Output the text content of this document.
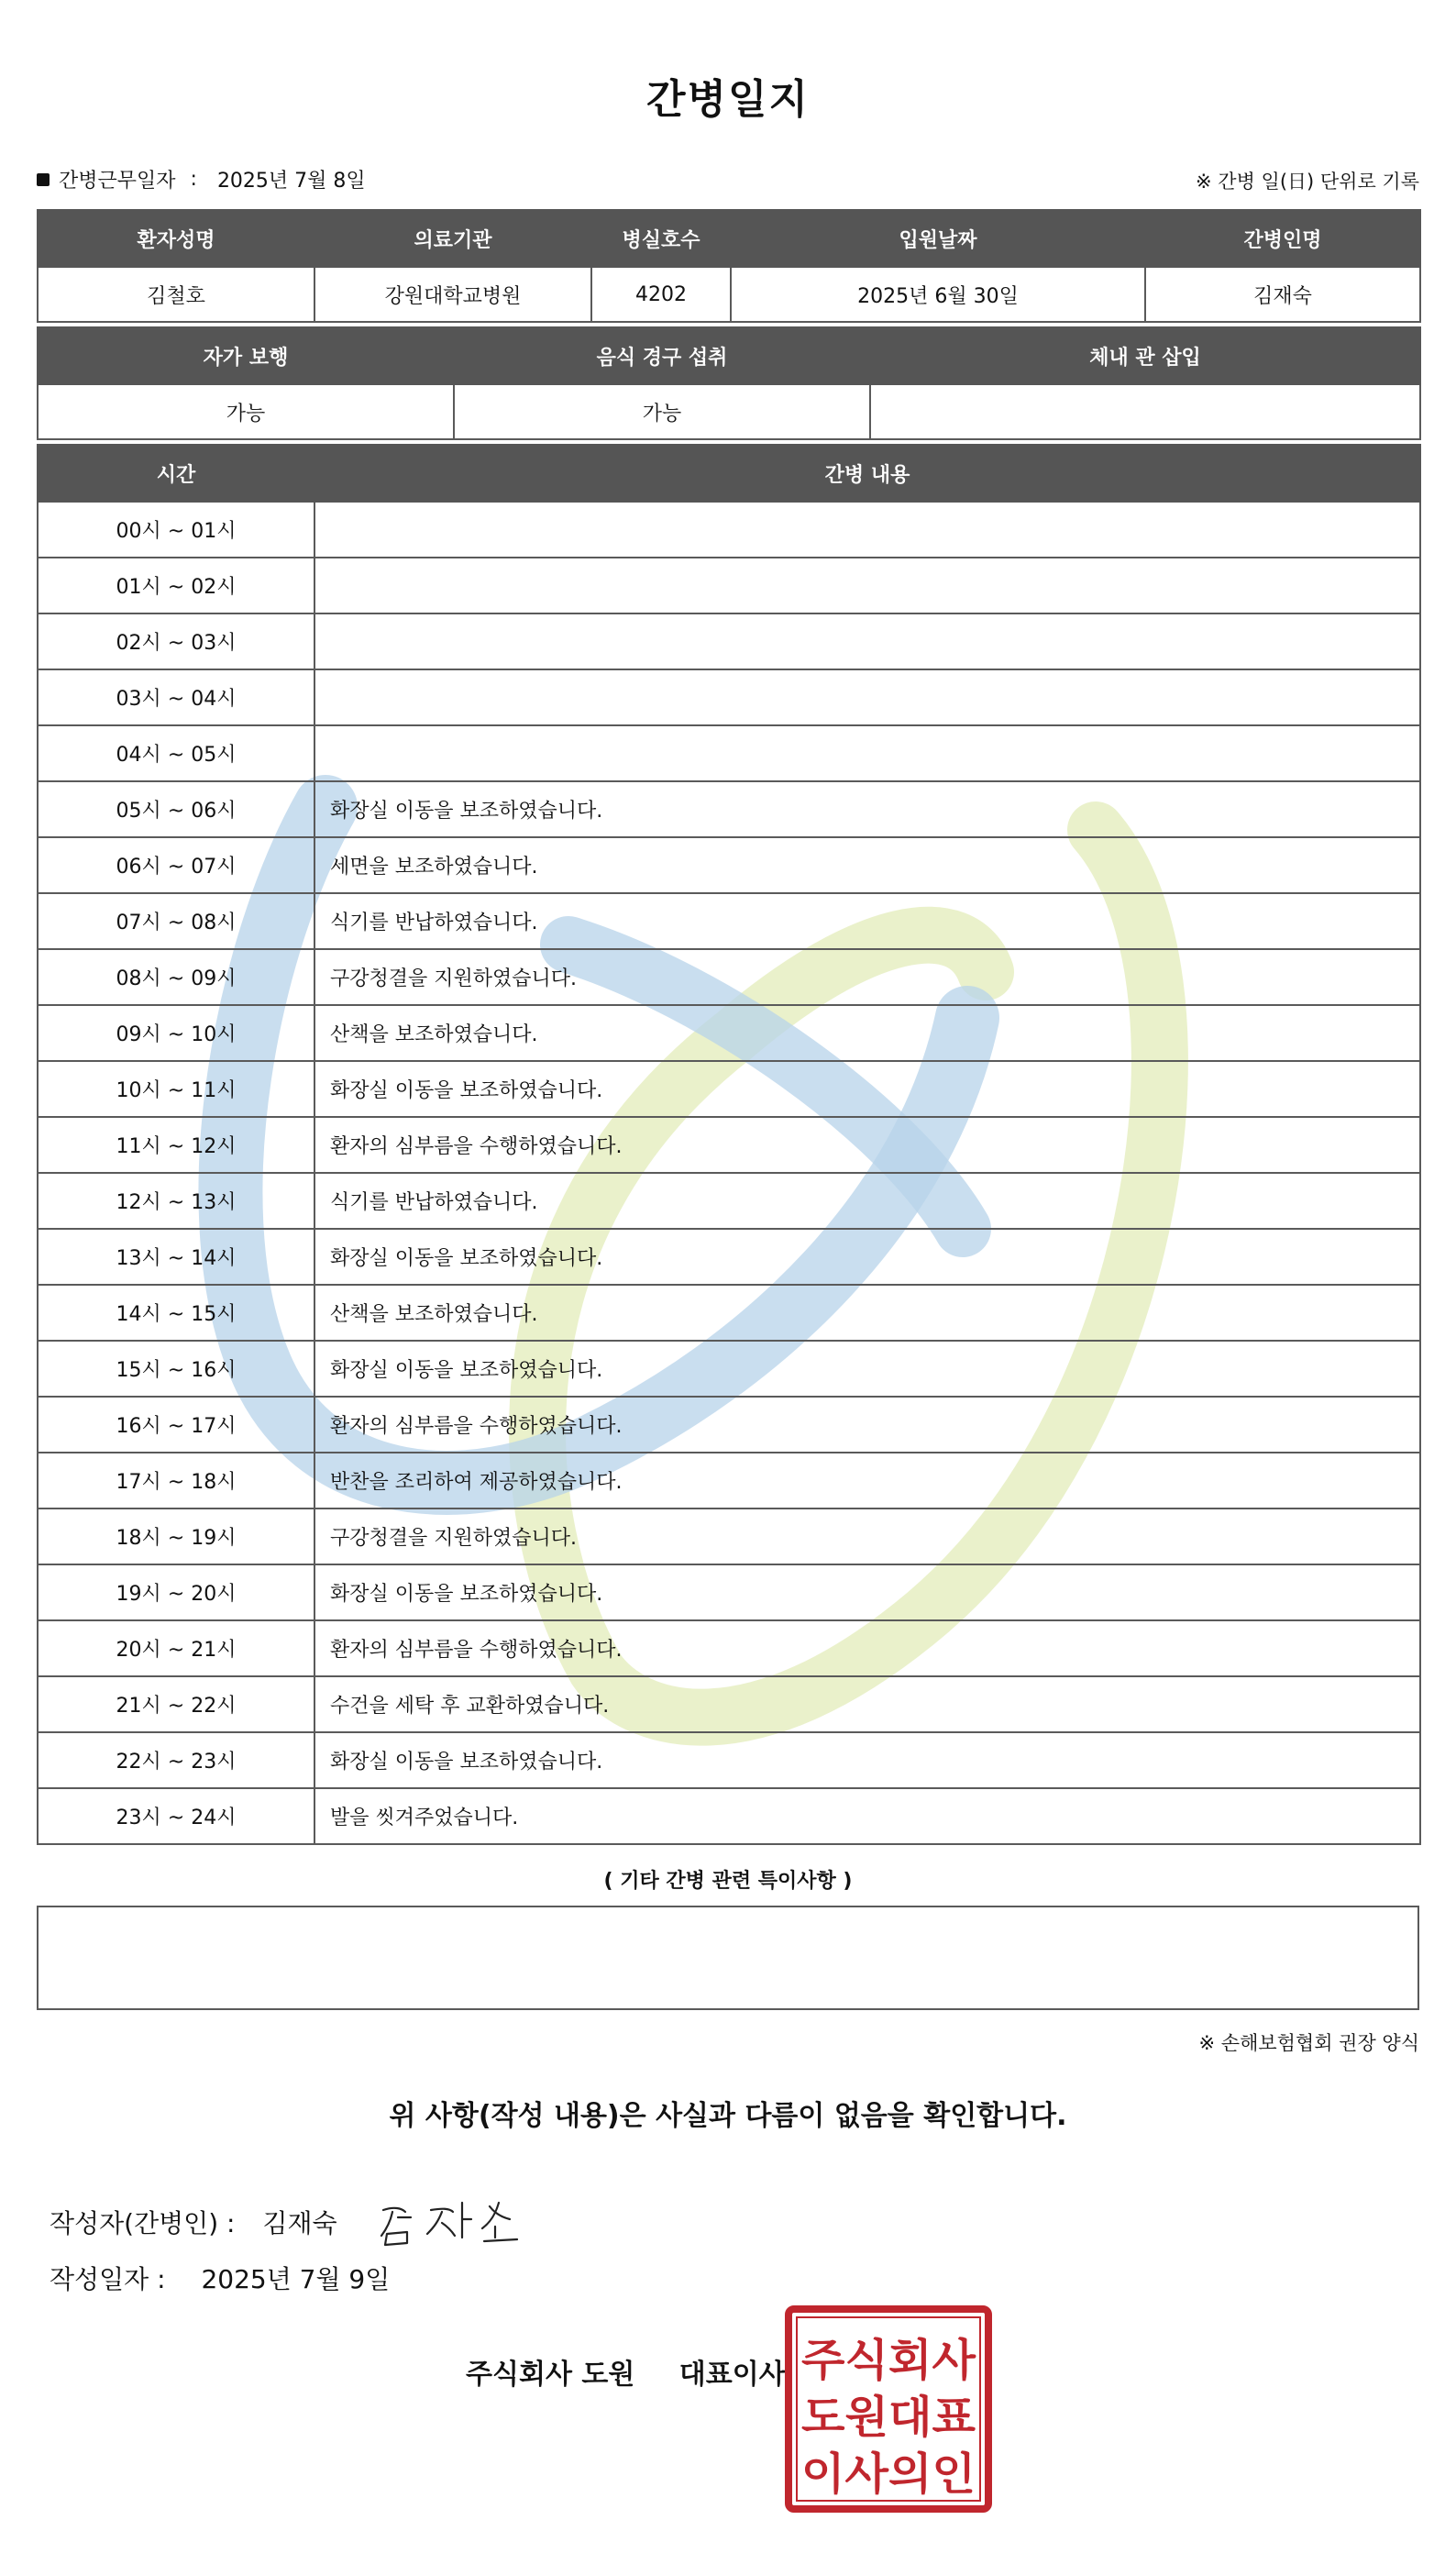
간병일지
간병근무일자 : 2025년 7월 8일	※ 간병 일(日) 단위로 기록
환자성명	의료기관	병실호수	입원날짜	간병인명
김철호	강원대학교병원	4202	2025년 6월 30일	김재숙
자가 보행	음식 경구 섭취	체내 관 삽입
가능	가능	
시간	간병 내용
00시 ~ 01시	
01시 ~ 02시	
02시 ~ 03시	
03시 ~ 04시	
04시 ~ 05시	
05시 ~ 06시	화장실 이동을 보조하였습니다.
06시 ~ 07시	세면을 보조하였습니다.
07시 ~ 08시	식기를 반납하였습니다.
08시 ~ 09시	구강청결을 지원하였습니다.
09시 ~ 10시	산책을 보조하였습니다.
10시 ~ 11시	화장실 이동을 보조하였습니다.
11시 ~ 12시	환자의 심부름을 수행하였습니다.
12시 ~ 13시	식기를 반납하였습니다.
13시 ~ 14시	화장실 이동을 보조하였습니다.
14시 ~ 15시	산책을 보조하였습니다.
15시 ~ 16시	화장실 이동을 보조하였습니다.
16시 ~ 17시	환자의 심부름을 수행하였습니다.
17시 ~ 18시	반찬을 조리하여 제공하였습니다.
18시 ~ 19시	구강청결을 지원하였습니다.
19시 ~ 20시	화장실 이동을 보조하였습니다.
20시 ~ 21시	환자의 심부름을 수행하였습니다.
21시 ~ 22시	수건을 세탁 후 교환하였습니다.
22시 ~ 23시	화장실 이동을 보조하였습니다.
23시 ~ 24시	발을 씻겨주었습니다.
( 기타 간병 관련 특이사항 )
※ 손해보험협회 권장 양식
위 사항(작성 내용)은 사실과 다름이 없음을 확인합니다.
작성자(간병인) : 김재숙
작성일자 : 2025년 7월 9일
주식회사 도원 대표이사 주식회사
도원대표
이사의인
